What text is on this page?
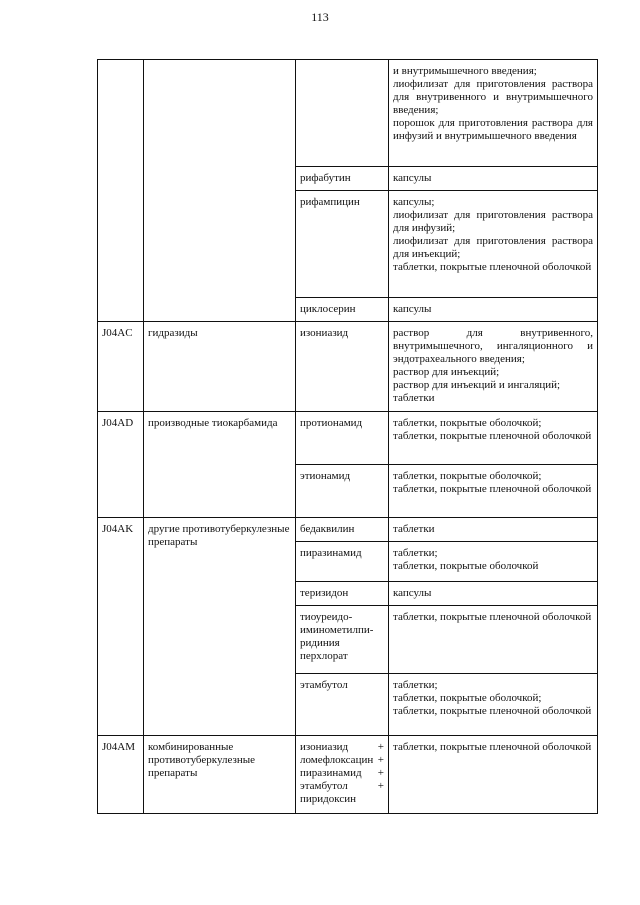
113

			и внутримышечного введения;
лиофилизат для приготовления раствора для внутривенного и внутримышечного введения;
порошок для приготовления раствора для инфузий и внутримышечного введения

		рифабутин	капсулы

		рифампицин	капсулы;
лиофилизат для приготовления раствора для инфузий;
лиофилизат для приготовления раствора для инъекций;
таблетки, покрытые пленочной оболочкой

		циклосерин	капсулы

J04AC	гидразиды	изониазид	раствор для внутривенного, внутримышечного, ингаляционного и эндотрахеального введения;
раствор для инъекций;
раствор для инъекций и ингаляций;
таблетки

J04AD	производные тиокарбамида	протионамид	таблетки, покрытые оболочкой;
таблетки, покрытые пленочной оболочкой

		этионамид	таблетки, покрытые оболочкой;
таблетки, покрытые пленочной оболочкой

J04AK	другие противотуберкулезные препараты	бедаквилин	таблетки

		пиразинамид	таблетки;
таблетки, покрытые оболочкой

		теризидон	капсулы

		тиоуреидо-
иминометилпи-
ридиния
перхлорат	таблетки, покрытые пленочной оболочкой

		этамбутол	таблетки;
таблетки, покрытые оболочкой;
таблетки, покрытые пленочной оболочкой

J04AM	комбинированные противотуберкулезные препараты	изониазид + ломефлоксацин + пиразинамид + этамбутол + пиридоксин	таблетки, покрытые пленочной оболочкой
